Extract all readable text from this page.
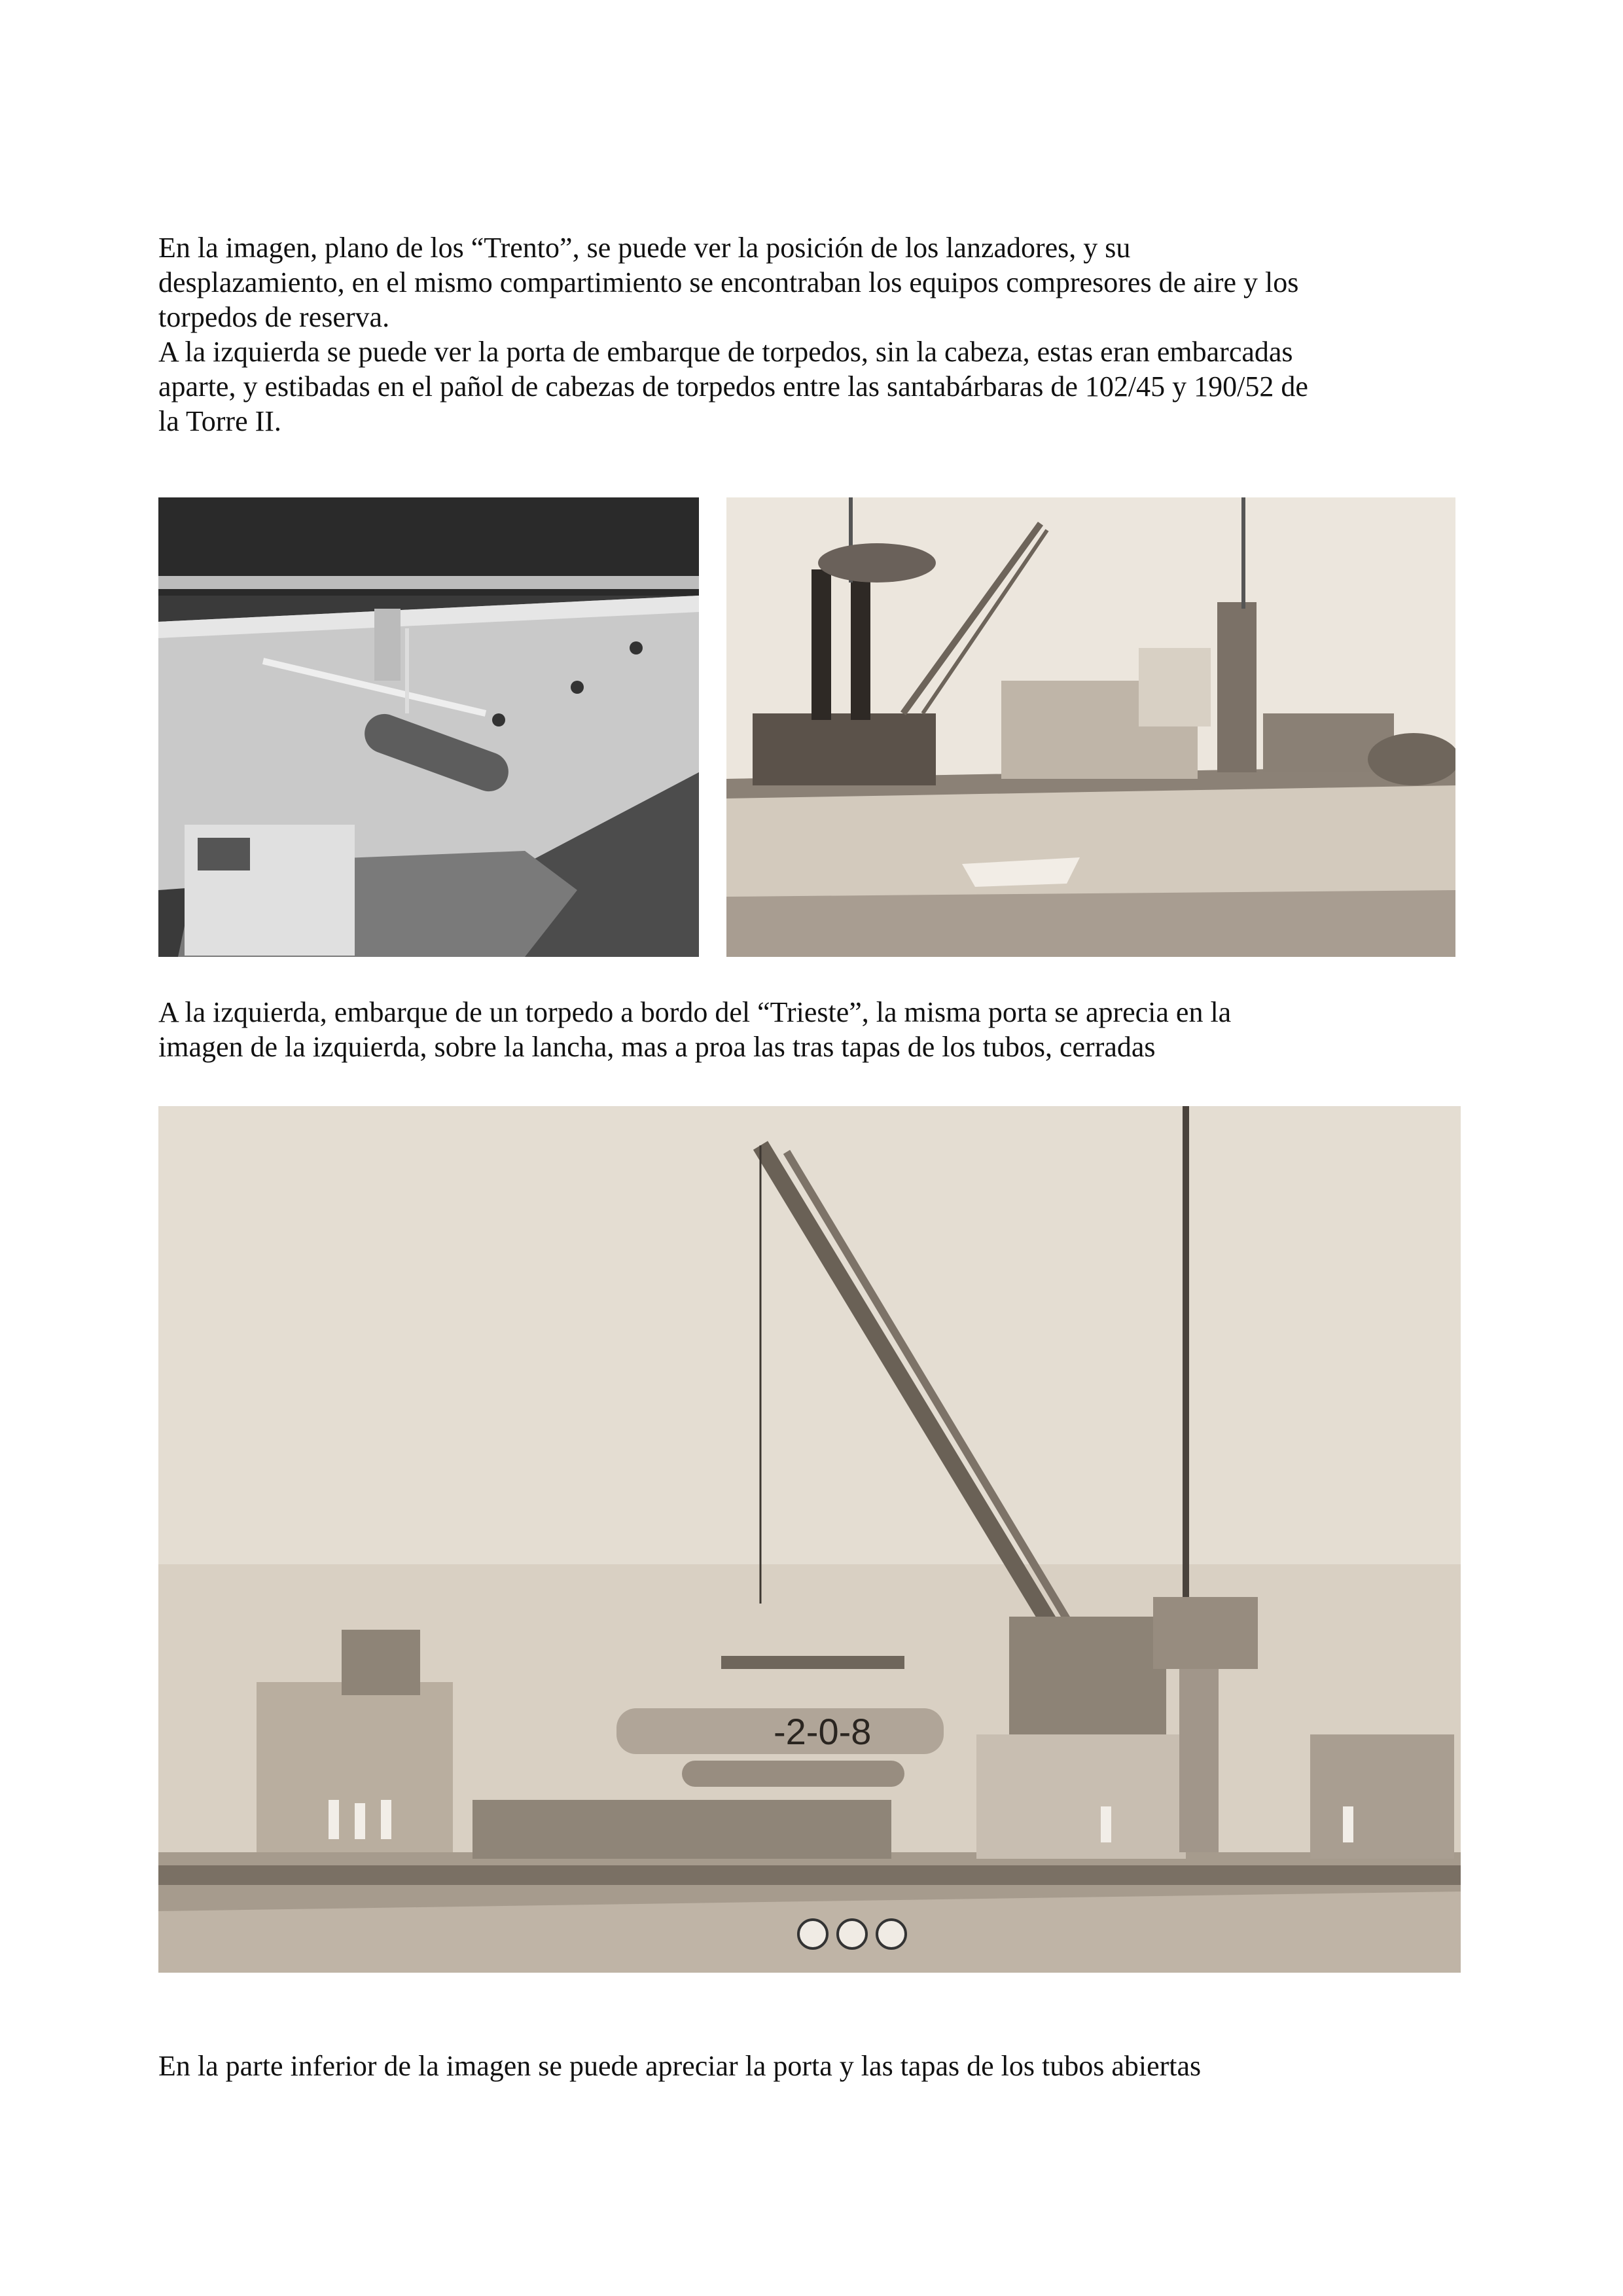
En la imagen, plano de los “Trento”, se puede ver la posición de los lanzadores, y su
desplazamiento, en el mismo compartimiento se encontraban los equipos compresores de aire y los
torpedos de reserva.
A la izquierda se puede ver la porta de embarque de torpedos, sin la cabeza, estas eran embarcadas
aparte, y estibadas en el pañol de cabezas de torpedos entre las santabárbaras de 102/45 y 190/52 de
la Torre II.
A la izquierda, embarque de un torpedo a bordo del “Trieste”, la misma porta se aprecia en la
imagen de la izquierda, sobre la lancha, mas a proa las tras tapas de los tubos, cerradas
-2-0-8
En la parte inferior de la imagen se puede apreciar la porta y las tapas de los tubos abiertas
